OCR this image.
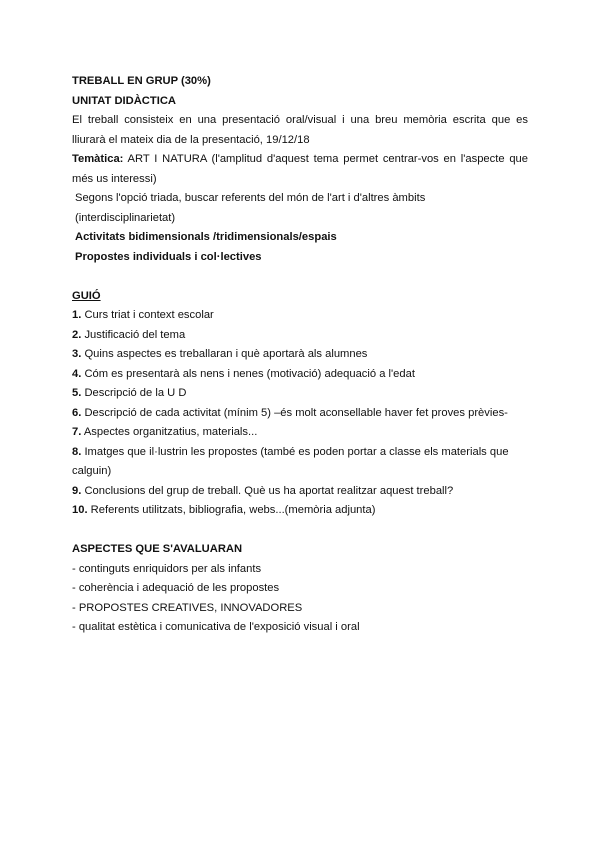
TREBALL EN GRUP (30%)

UNITAT DIDÀCTICA

El treball consisteix en una presentació oral/visual i una breu memòria escrita que es lliurarà el mateix dia de la presentació, 19/12/18

Temàtica: ART I NATURA (l'amplitud d'aquest tema permet centrar-vos en l'aspecte que més us interessi)

Segons l'opció triada, buscar referents del món de l'art i d'altres àmbits (interdisciplinarietat)

Activitats bidimensionals /tridimensionals/espais

Propostes individuals i col·lectives

GUIÓ

1. Curs triat i context escolar

2. Justificació del tema

3. Quins aspectes es treballaran i què aportarà als alumnes

4. Cóm es presentarà als nens i nenes (motivació) adequació a l'edat

5. Descripció de la U D

6. Descripció de cada activitat (mínim 5) –és molt aconsellable haver fet proves prèvies-

7. Aspectes organitzatius, materials...

8. Imatges que il·lustrin les propostes (també es poden portar a classe els materials que calguin)

9. Conclusions del grup de treball. Què us ha aportat realitzar aquest treball?

10. Referents utilitzats, bibliografia, webs...(memòria adjunta)

ASPECTES QUE S'AVALUARAN

- continguts enriquidors per als infants

- coherència i adequació de les propostes

- PROPOSTES CREATIVES, INNOVADORES

- qualitat estètica i comunicativa de l'exposició visual i oral
